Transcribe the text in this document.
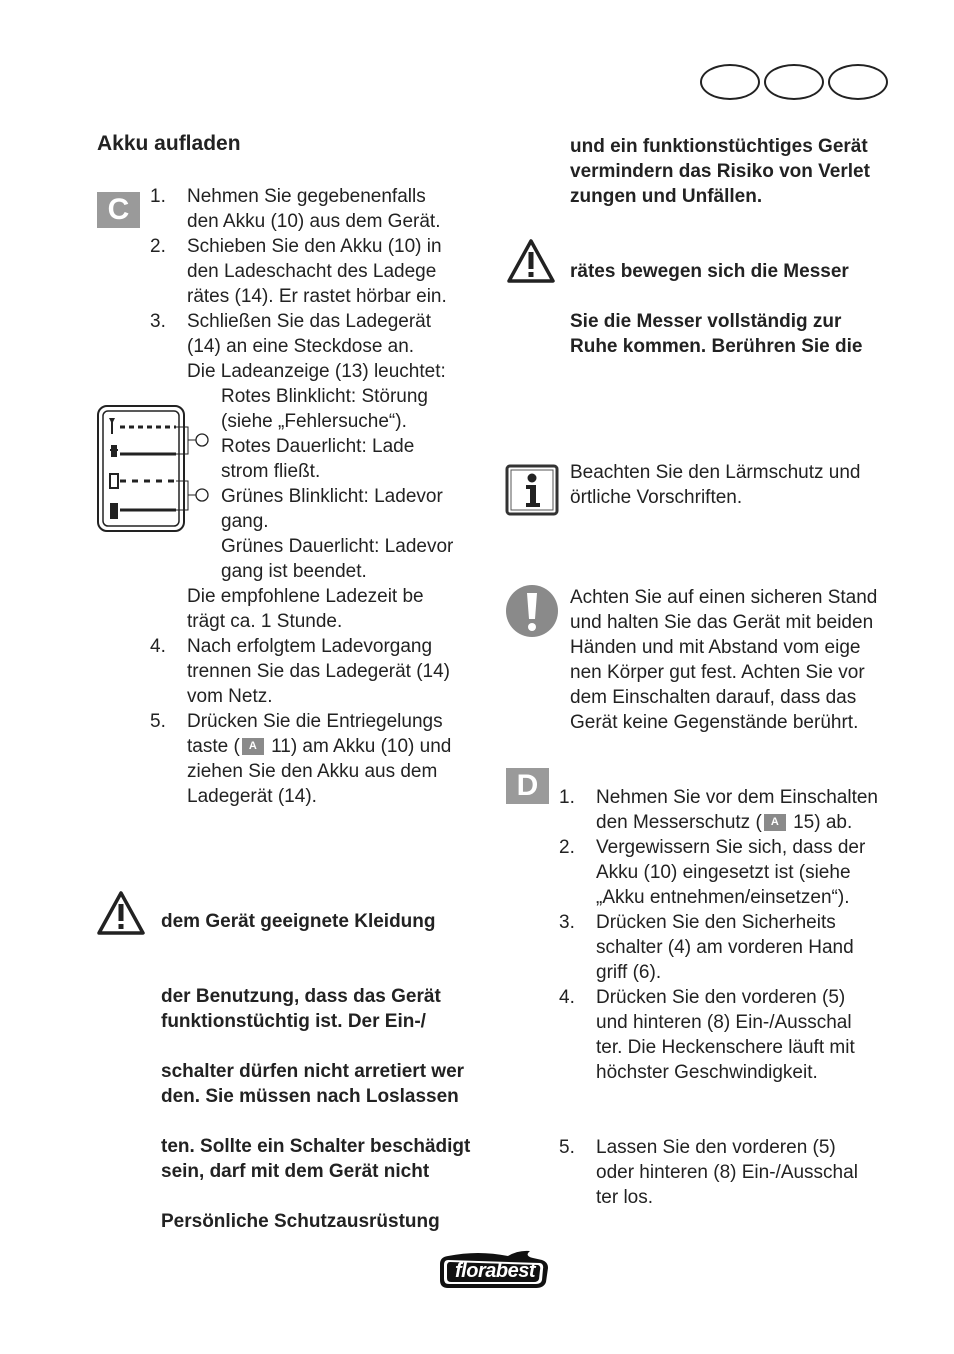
Akku aufladen
C	1. Nehmen Sie gegebenenfalls
den Akku (10) aus dem Gerät.
2. Schieben Sie den Akku (10) in
den Ladeschacht des Ladege
rätes (14). Er rastet hörbar ein.
3. Schließen Sie das Ladegerät
(14) an eine Steckdose an.
Die Ladeanzeige (13) leuchtet:
Rotes Blinklicht: Störung
(siehe „Fehlersuche“).
Rotes Dauerlicht: Lade
strom fließt.
Grünes Blinklicht: Ladevor
gang.
Grünes Dauerlicht: Ladevor
gang ist beendet.
Die empfohlene Ladezeit be
trägt ca. 1 Stunde.
4. Nach erfolgtem Ladevorgang
trennen Sie das Ladegerät (14)
vom Netz.
5. Drücken Sie die Entriegelungs
taste ( A 11) am Akku (10) und
ziehen Sie den Akku aus dem
Ladegerät (14).
dem Gerät geeignete Kleidung
der Benutzung, dass das Gerät
funktionstüchtig ist. Der Ein-/
schalter dürfen nicht arretiert wer
den. Sie müssen nach Loslassen
ten. Sollte ein Schalter beschädigt
sein, darf mit dem Gerät nicht
Persönliche Schutzausrüstung
und ein funktionstüchtiges Gerät
vermindern das Risiko von Verlet
zungen und Unfällen.
rätes bewegen sich die Messer
Sie die Messer vollständig zur
Ruhe kommen. Berühren Sie die
Beachten Sie den Lärmschutz und
örtliche Vorschriften.
Achten Sie auf einen sicheren Stand
und halten Sie das Gerät mit beiden
Händen und mit Abstand vom eige
nen Körper gut fest. Achten Sie vor
dem Einschalten darauf, dass das
Gerät keine Gegenstände berührt.
D	1. Nehmen Sie vor dem Einschalten
den Messerschutz ( A 15) ab.
2. Vergewissern Sie sich, dass der
Akku (10) eingesetzt ist (siehe
„Akku entnehmen/einsetzen“).
3. Drücken Sie den Sicherheits
schalter (4) am vorderen Hand
griff (6).
4. Drücken Sie den vorderen (5)
und hinteren (8) Ein-/Ausschal
ter. Die Heckenschere läuft mit
höchster Geschwindigkeit.
5. Lassen Sie den vorderen (5)
oder hinteren (8) Ein-/Ausschal
ter los.
florabest
